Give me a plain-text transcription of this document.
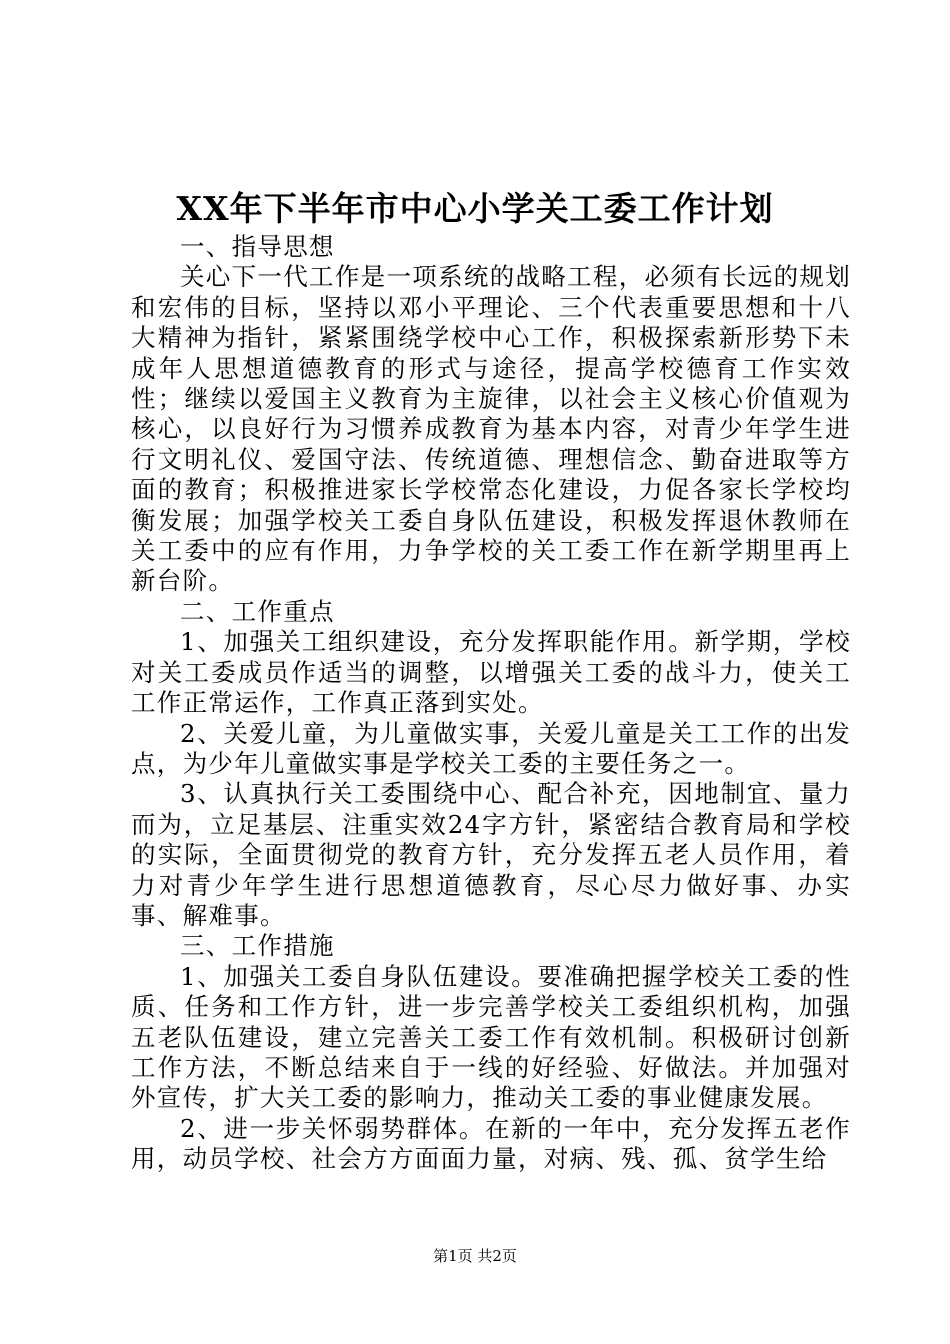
XX年下半年市中心小学关工委工作计划

一、指导思想

关心下一代工作是一项系统的战略工程，必须有长远的规划和宏伟的目标，坚持以邓小平理论、三个代表重要思想和十八大精神为指针，紧紧围绕学校中心工作，积极探索新形势下未成年人思想道德教育的形式与途径，提高学校德育工作实效性；继续以爱国主义教育为主旋律，以社会主义核心价值观为核心，以良好行为习惯养成教育为基本内容，对青少年学生进行文明礼仪、爱国守法、传统道德、理想信念、勤奋进取等方面的教育；积极推进家长学校常态化建设，力促各家长学校均衡发展；加强学校关工委自身队伍建设，积极发挥退休教师在关工委中的应有作用，力争学校的关工委工作在新学期里再上新台阶。

二、工作重点

1、加强关工组织建设，充分发挥职能作用。新学期，学校对关工委成员作适当的调整，以增强关工委的战斗力，使关工工作正常运作，工作真正落到实处。

2、关爱儿童，为儿童做实事，关爱儿童是关工工作的出发点，为少年儿童做实事是学校关工委的主要任务之一。

3、认真执行关工委围绕中心、配合补充，因地制宜、量力而为，立足基层、注重实效24字方针，紧密结合教育局和学校的实际，全面贯彻党的教育方针，充分发挥五老人员作用，着力对青少年学生进行思想道德教育，尽心尽力做好事、办实事、解难事。

三、工作措施

1、加强关工委自身队伍建设。要准确把握学校关工委的性质、任务和工作方针，进一步完善学校关工委组织机构，加强五老队伍建设，建立完善关工委工作有效机制。积极研讨创新工作方法，不断总结来自于一线的好经验、好做法。并加强对外宣传，扩大关工委的影响力，推动关工委的事业健康发展。

2、进一步关怀弱势群体。在新的一年中，充分发挥五老作用，动员学校、社会方方面面力量，对病、残、孤、贫学生给

第1页 共2页
